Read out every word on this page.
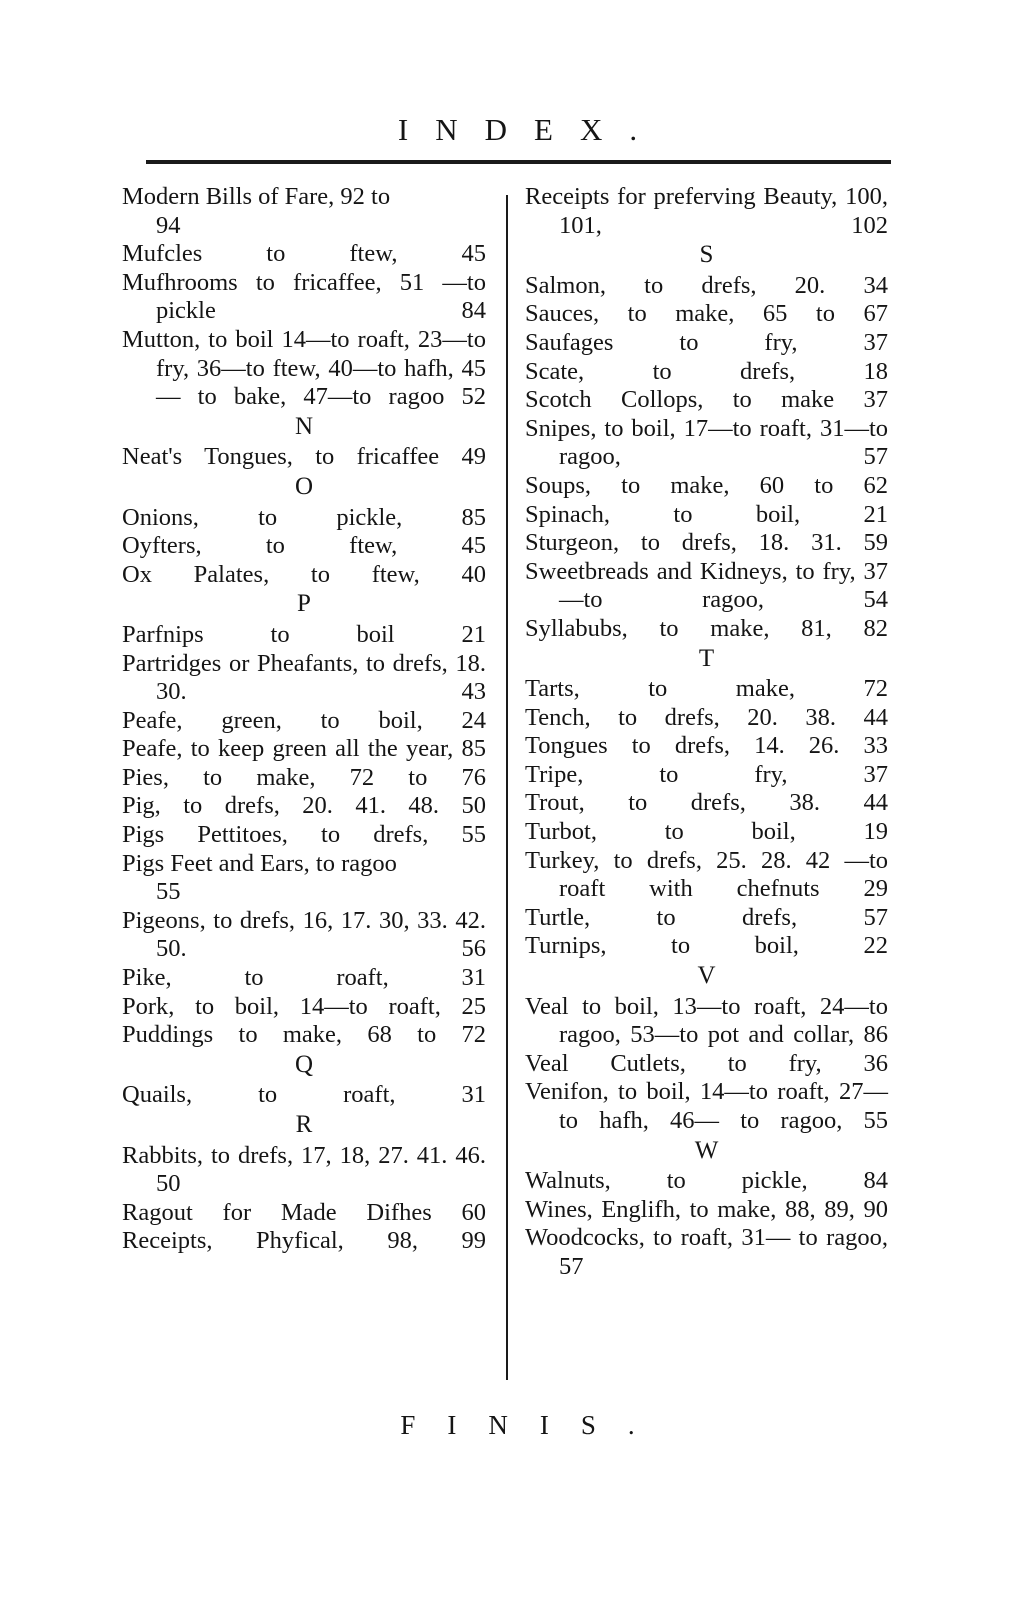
INDEX.
Modern Bills of Fare, 92 to
94
Mufcles to ftew, 45
Mufhrooms to fricaffee, 51 —to pickle 84
Mutton, to boil 14—to roaft, 23—to fry, 36—to ftew, 40—to hafh, 45— to bake, 47—to ragoo 52
N
Neat's Tongues, to fricaffee 49
O
Onions, to pickle, 85
Oyfters, to ftew, 45
Ox Palates, to ftew, 40
P
Parfnips to boil 21
Partridges or Pheafants, to drefs, 18. 30. 43
Peafe, green, to boil, 24
Peafe, to keep green all the year, 85
Pies, to make, 72 to 76
Pig, to drefs, 20. 41. 48. 50
Pigs Pettitoes, to drefs, 55
Pigs Feet and Ears, to ragoo
55
Pigeons, to drefs, 16, 17. 30, 33. 42. 50. 56
Pike, to roaft, 31
Pork, to boil, 14—to roaft, 25
Puddings to make, 68 to 72
Q
Quails, to roaft, 31
R
Rabbits, to drefs, 17, 18, 27. 41. 46. 50
Ragout for Made Difhes 60
Receipts, Phyfical, 98, 99
Receipts for preferving Beauty, 100, 101, 102
S
Salmon, to drefs, 20. 34
Sauces, to make, 65 to 67
Saufages to fry, 37
Scate, to drefs, 18
Scotch Collops, to make 37
Snipes, to boil, 17—to roaft, 31—to ragoo, 57
Soups, to make, 60 to 62
Spinach, to boil, 21
Sturgeon, to drefs, 18. 31. 59
Sweetbreads and Kidneys, to fry, 37—to ragoo, 54
Syllabubs, to make, 81, 82
T
Tarts, to make, 72
Tench, to drefs, 20. 38. 44
Tongues to drefs, 14. 26. 33
Tripe, to fry, 37
Trout, to drefs, 38. 44
Turbot, to boil, 19
Turkey, to drefs, 25. 28. 42 —to roaft with chefnuts 29
Turtle, to drefs, 57
Turnips, to boil, 22
V
Veal to boil, 13—to roaft, 24—to ragoo, 53—to pot and collar, 86
Veal Cutlets, to fry, 36
Venifon, to boil, 14—to roaft, 27—to hafh, 46— to ragoo, 55
W
Walnuts, to pickle, 84
Wines, Englifh, to make, 88, 89, 90
Woodcocks, to roaft, 31— to ragoo, 57
FINIS.
